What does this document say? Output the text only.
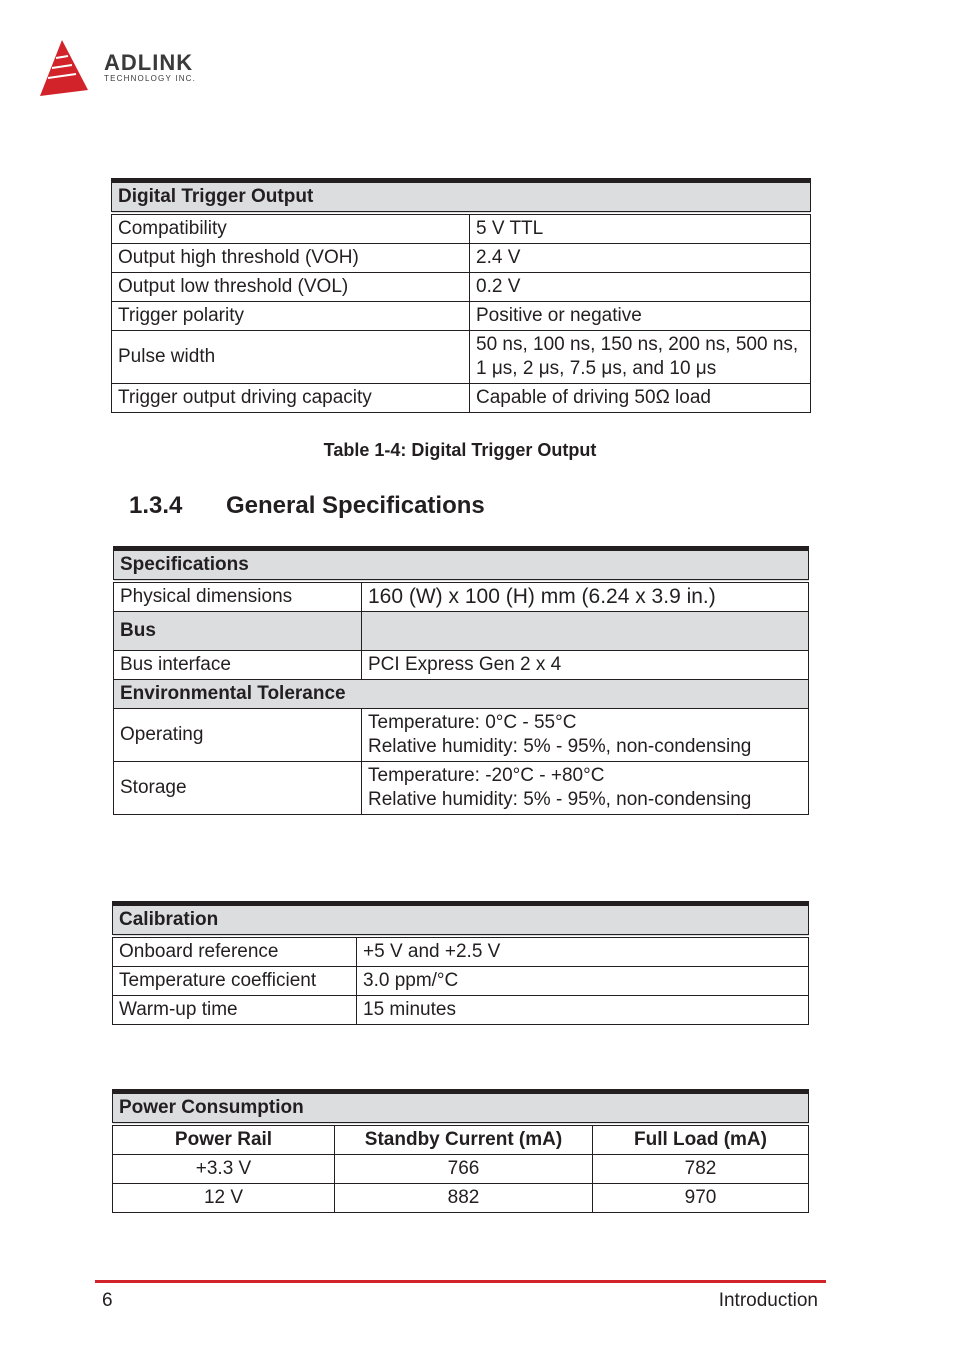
ADLINK
TECHNOLOGY INC.
Digital Trigger Output	
Compatibility	5 V TTL
Output high threshold (VOH)	2.4 V
Output low threshold (VOL)	0.2 V
Trigger polarity	Positive or negative
Pulse width	50 ns, 100 ns, 150 ns, 200 ns, 500 ns, 1 μs, 2 μs, 7.5 μs, and 10 μs
Trigger output driving capacity	Capable of driving 50Ω load
Table 1-4: Digital Trigger Output
1.3.4 General Specifications
Specifications	
Physical dimensions	160 (W) x 100 (H) mm (6.24 x 3.9 in.)
Bus	
Bus interface	PCI Express Gen 2 x 4
Environmental Tolerance	
Operating	Temperature: 0°C - 55°C
Relative humidity: 5% - 95%, non-condensing

Storage	Temperature: -20°C - +80°C
Relative humidity: 5% - 95%, non-condensing
Calibration	
Onboard reference	+5 V and +2.5 V
Temperature coefficient	3.0 ppm/°C
Warm-up time	15 minutes
Power Consumption		
Power Rail	Standby Current (mA)	Full Load (mA)
+3.3 V	766	782
12 V	882	970
6	Introduction
